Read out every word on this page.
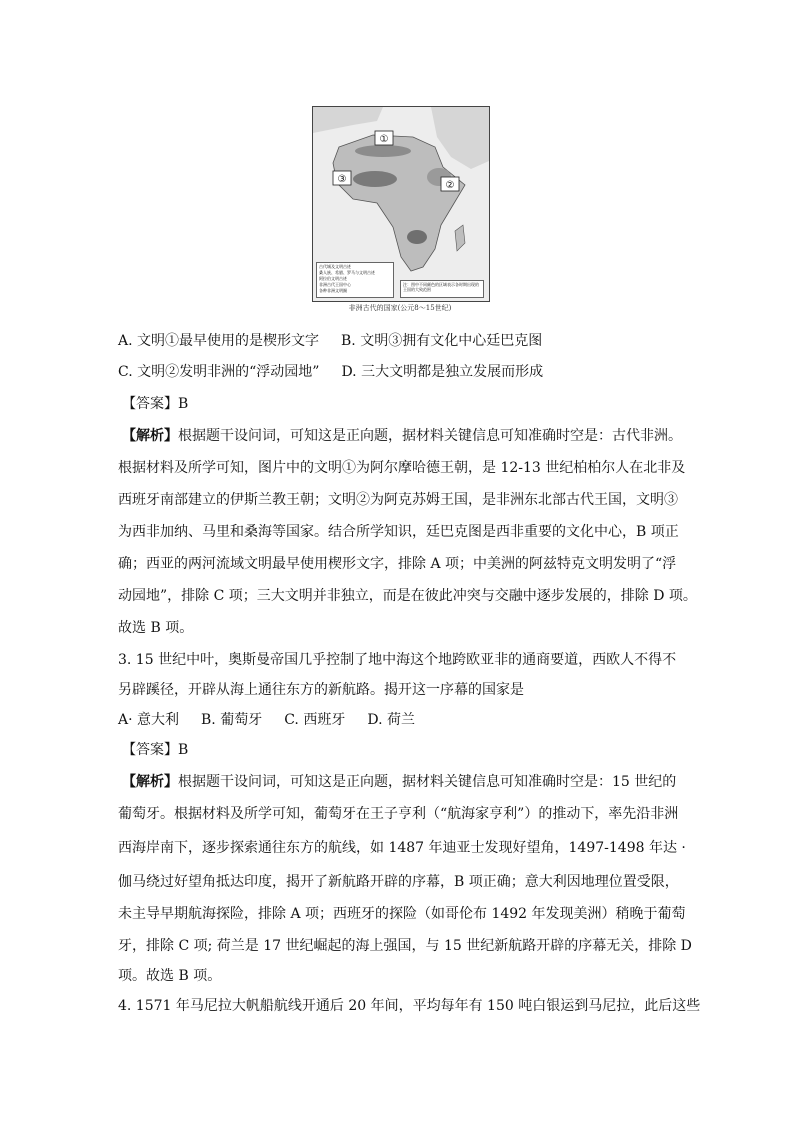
①
②
③
古代城及文明古迹
桑人族、希腊、罗马与文明古迹
阿拉伯文明古迹
非洲古代王国中心
各种非洲文明圈
注：图中不同颜色的区域表示各时期出现的王国的大致范围
非洲古代的国家(公元8～15世纪)
A. 文明①最早使用的是楔形文字 B. 文明③拥有文化中心廷巴克图
C. 文明②发明非洲的“浮动园地” D. 三大文明都是独立发展而形成
【答案】B
【解析】根据题干设问词，可知这是正向题，据材料关键信息可知准确时空是：古代非洲。
根据材料及所学可知，图片中的文明①为阿尔摩哈德王朝，是 12-13 世纪柏柏尔人在北非及
西班牙南部建立的伊斯兰教王朝；文明②为阿克苏姆王国，是非洲东北部古代王国，文明③
为西非加纳、马里和桑海等国家。结合所学知识，廷巴克图是西非重要的文化中心，B 项正
确；西亚的两河流域文明最早使用楔形文字，排除 A 项；中美洲的阿兹特克文明发明了“浮
动园地”，排除 C 项；三大文明并非独立，而是在彼此冲突与交融中逐步发展的，排除 D 项。
故选 B 项。
3. 15 世纪中叶，奥斯曼帝国几乎控制了地中海这个地跨欧亚非的通商要道，西欧人不得不
另辟蹊径，开辟从海上通往东方的新航路。揭开这一序幕的国家是
A· 意大利 B. 葡萄牙 C. 西班牙 D. 荷兰
【答案】B
【解析】根据题干设问词，可知这是正向题，据材料关键信息可知准确时空是：15 世纪的
葡萄牙。根据材料及所学可知，葡萄牙在王子亨利（“航海家亨利”）的推动下，率先沿非洲
西海岸南下，逐步探索通往东方的航线，如 1487 年迪亚士发现好望角，1497-1498 年达 ·
伽马绕过好望角抵达印度，揭开了新航路开辟的序幕，B 项正确；意大利因地理位置受限，
未主导早期航海探险，排除 A 项；西班牙的探险（如哥伦布 1492 年发现美洲）稍晚于葡萄
牙，排除 C 项; 荷兰是 17 世纪崛起的海上强国，与 15 世纪新航路开辟的序幕无关，排除 D
项。故选 B 项。
4. 1571 年马尼拉大帆船航线开通后 20 年间，平均每年有 150 吨白银运到马尼拉，此后这些
